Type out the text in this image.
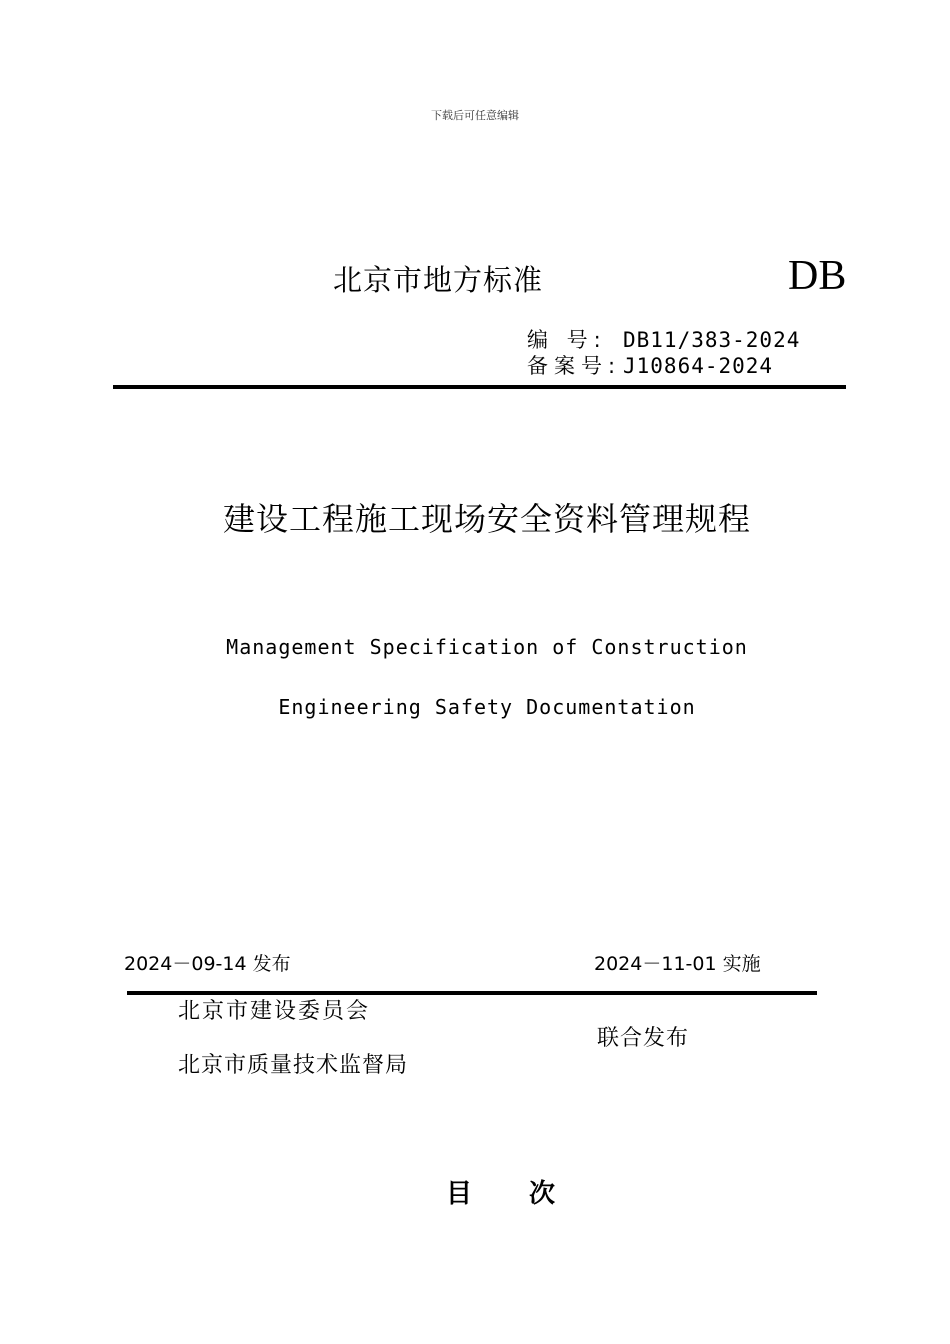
下载后可任意编辑
北京市地方标准	DB
编 号: DB11/383-2024
备案号:J10864-2024
建设工程施工现场安全资料管理规程
Management Specification of Construction
Engineering Safety Documentation
2024－09-14 发布	2024－11-01 实施
北京市建设委员会
北京市质量技术监督局
联合发布
目 次
